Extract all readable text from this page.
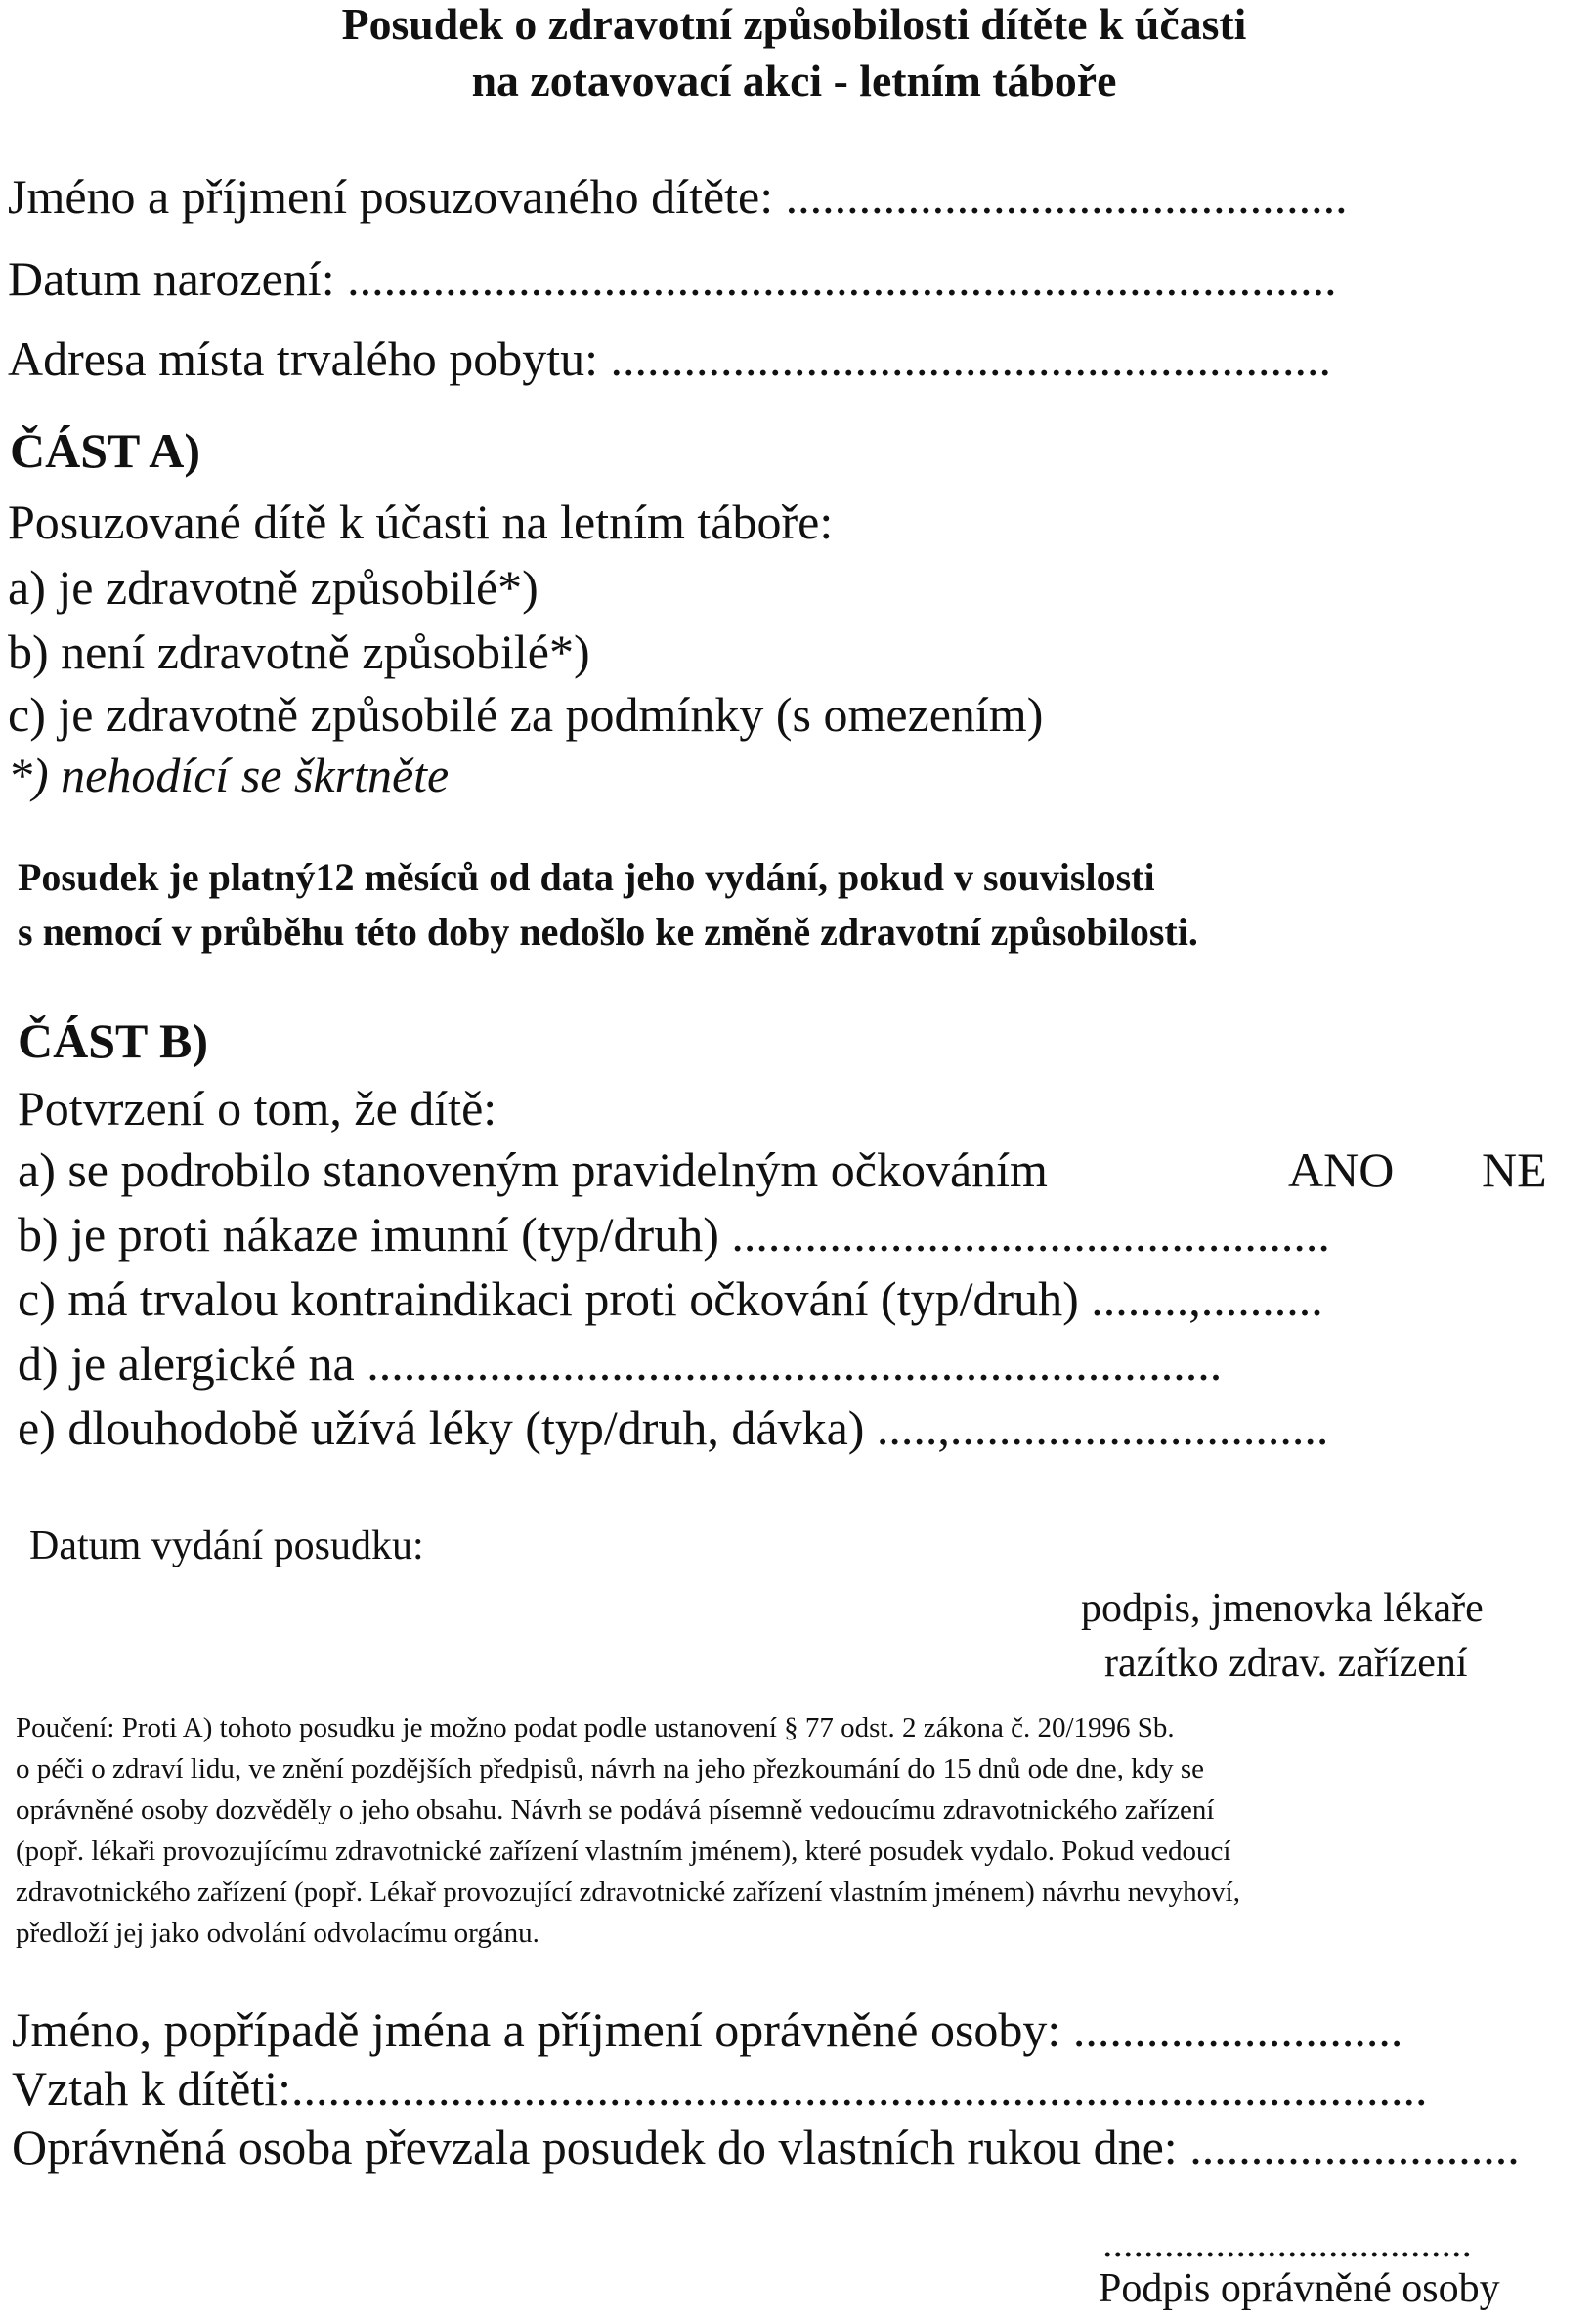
Posudek o zdravotní způsobilosti dítěte k účasti
na zotavovací akci - letním táboře
Jméno a příjmení posuzovaného dítěte: ..............................................
Datum narození: .................................................................................
Adresa místa trvalého pobytu: ...........................................................
ČÁST A)
Posuzované dítě k účasti na letním táboře:
a) je zdravotně způsobilé*)
b) není zdravotně způsobilé*)
c) je zdravotně způsobilé za podmínky (s omezením)
*) nehodící se škrtněte
Posudek je platný12 měsíců od data jeho vydání, pokud v souvislosti
s nemocí v průběhu této doby nedošlo ke změně zdravotní způsobilosti.
ČÁST B)
Potvrzení o tom, že dítě:
a) se podrobilo stanoveným pravidelným očkováním	ANO NE
b) je proti nákaze imunní (typ/druh) .................................................
c) má trvalou kontraindikaci proti očkování (typ/druh) ........,..........
d) je alergické na ......................................................................
e) dlouhodobě užívá léky (typ/druh, dávka) .....,...............................
Datum vydání posudku:
podpis, jmenovka lékaře
razítko zdrav. zařízení
Poučení: Proti A) tohoto posudku je možno podat podle ustanovení § 77 odst. 2 zákona č. 20/1996 Sb.
o péči o zdraví lidu, ve znění pozdějších předpisů, návrh na jeho přezkoumání do 15 dnů ode dne, kdy se
oprávněné osoby dozvěděly o jeho obsahu. Návrh se podává písemně vedoucímu zdravotnického zařízení
(popř. lékaři provozujícímu zdravotnické zařízení vlastním jménem), které posudek vydalo. Pokud vedoucí
zdravotnického zařízení (popř. Lékař provozující zdravotnické zařízení vlastním jménem) návrhu nevyhoví,
předloží jej jako odvolání odvolacímu orgánu.
Jméno, popřípadě jména a příjmení oprávněné osoby: ...........................
Vztah k dítěti:.............................................................................................
Oprávněná osoba převzala posudek do vlastních rukou dne: ...........................
....................................
Podpis oprávněné osoby
